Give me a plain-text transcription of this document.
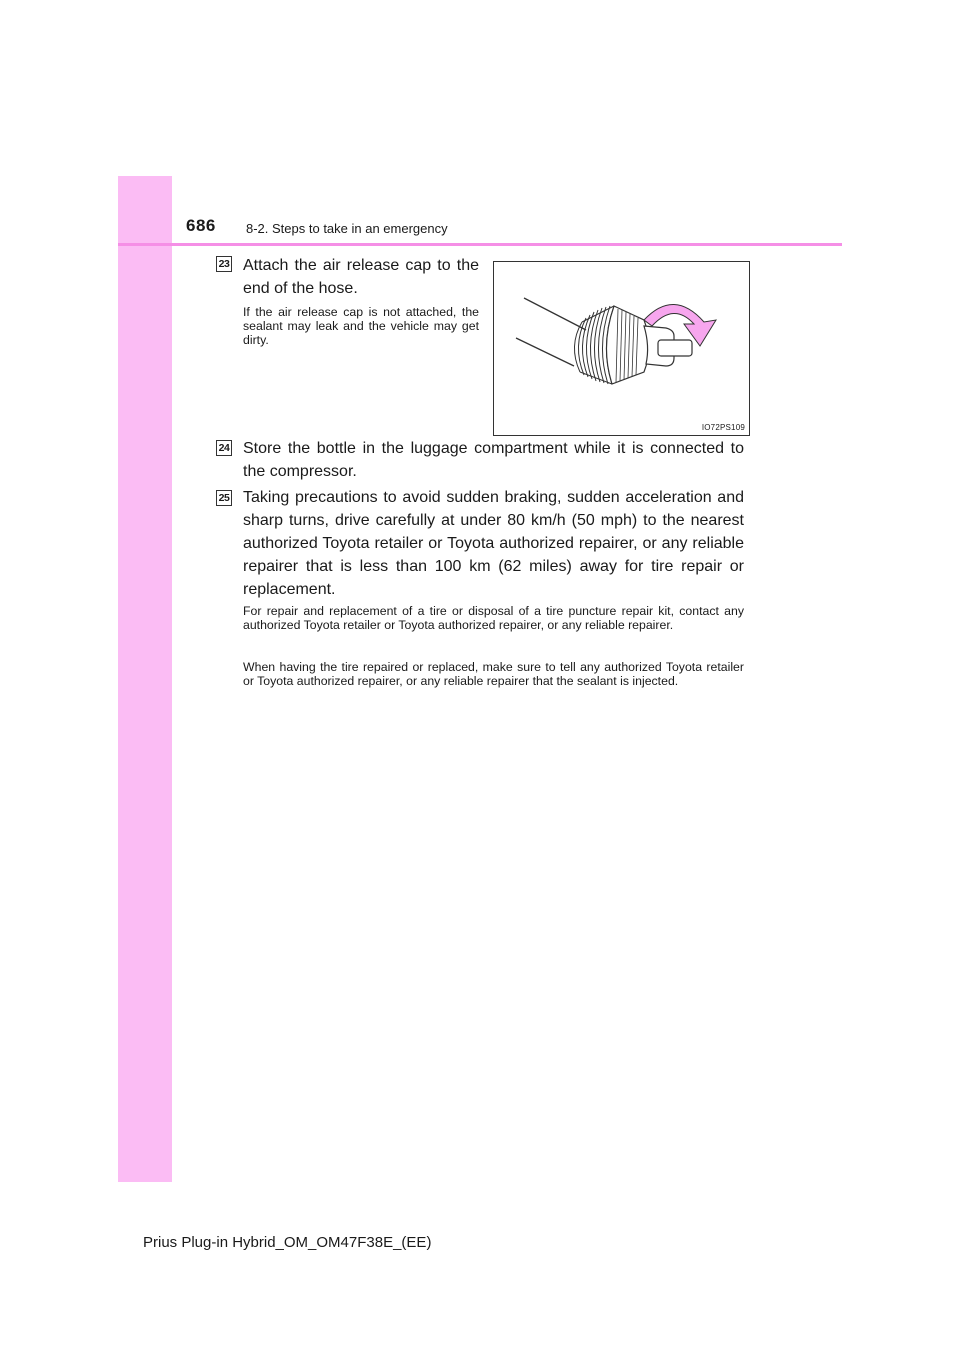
686 8-2. Steps to take in an emergency
23 Attach the air release cap to the end of the hose.
If the air release cap is not attached, the sealant may leak and the vehicle may get dirty.
IO72PS109
24 Store the bottle in the luggage compartment while it is connected to the compressor.
25 Taking precautions to avoid sudden braking, sudden acceleration and sharp turns, drive carefully at under 80 km/h (50 mph) to the nearest authorized Toyota retailer or Toyota authorized repairer, or any reliable repairer that is less than 100 km (62 miles) away for tire repair or replacement.
For repair and replacement of a tire or disposal of a tire puncture repair kit, contact any authorized Toyota retailer or Toyota authorized repairer, or any reliable repairer.
When having the tire repaired or replaced, make sure to tell any authorized Toyota retailer or Toyota authorized repairer, or any reliable repairer that the sealant is injected.
Prius Plug-in Hybrid_OM_OM47F38E_(EE)
